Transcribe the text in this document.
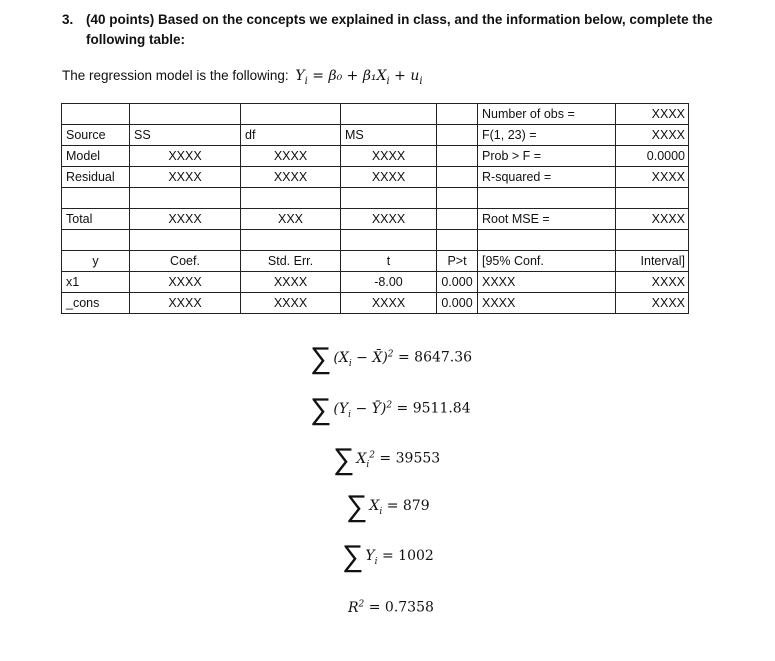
3. (40 points) Based on the concepts we explained in class, and the information below, complete the following table:
The regression model is the following: $Y_i = \beta_0 + \beta_1X_i + u_i$
					Number of obs =	XXXX
Source	SS	df	MS		F(1, 23) =	XXXX
Model	XXXX	XXXX	XXXX		Prob > F =	0.0000
Residual	XXXX	XXXX	XXXX		R-squared =	XXXX

Total	XXXX	XXX	XXXX		Root MSE =	XXXX

y	Coef.	Std. Err.	t	P>t	[95% Conf.	Interval]
x1	XXXX	XXXX	-8.00	0.000	XXXX	XXXX
_cons	XXXX	XXXX	XXXX	0.000	XXXX	XXXX
∑ ($X_i$ − X̄)$^2$ = 8647.36
∑ ($Y_i$ − Ȳ)$^2$ = 9511.84
∑ $X_i^2 = 39553$
∑ $X_i = 879$
∑ $Y_i = 1002$
$R^2 = 0.7358$
